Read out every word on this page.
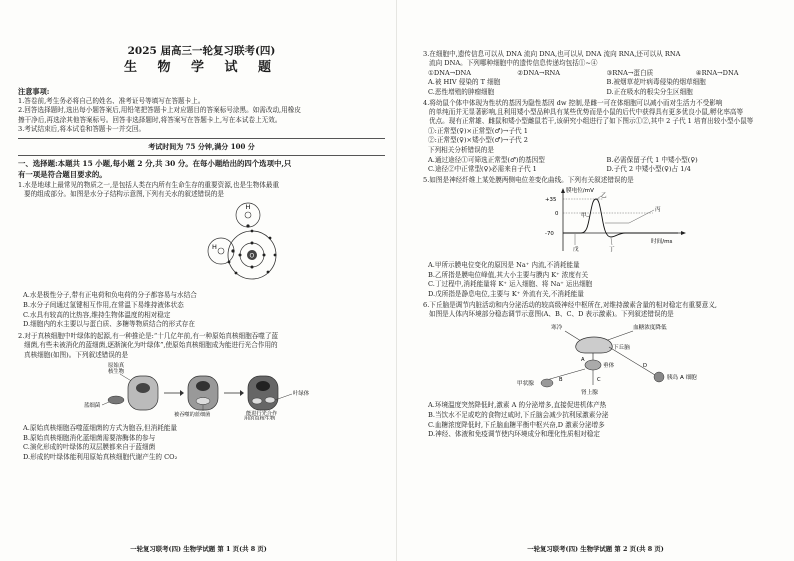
2025 届高三一轮复习联考(四)
生 物 学 试 题
注意事项:
1.答卷前,考生务必将自己的姓名、准考证号等填写在答题卡上。
2.回答选择题时,选出每小题答案后,用铅笔把答题卡上对应题目的答案标号涂黑。如需改动,用橡皮
擦干净后,再选涂其他答案标号。回答非选择题时,将答案写在答题卡上,写在本试卷上无效。
3.考试结束后,将本试卷和答题卡一并交回。
考试时间为 75 分钟,满分 100 分
一、选择题:本题共 15 小题,每小题 2 分,共 30 分。在每小题给出的四个选项中,只
有一项是符合题目要求的。
1.水是地球上最常见的物质之一,是包括人类在内所有生命生存的重要资源,也是生物体最重
要的组成部分。如图是水分子结构示意图,下列有关水的叙述错误的是
H
H
O
A.水是极性分子,带有正电荷和负电荷的分子都容易与水结合
B.水分子间通过氢键相互作用,在常温下易维持液体状态
C.水具有较高的比热容,维持生物体温度的相对稳定
D.细胞内的水主要以与蛋白质、多糖等物质结合的形式存在
2.对于真核细胞中叶绿体的起源,有一种推论是:“十几亿年前,有一种原始真核细胞吞噬了蓝
细菌,有些未被消化的蓝细菌,逐渐演化为叶绿体”,使原始真核细胞成为能进行光合作用的
真核细胞(如图)。下列叙述错误的是
原始真
核生物
蓝细菌
叶绿体
被吞噬的蓝细菌	能进行光合作
用的真核生物
A.原始真核细胞吞噬蓝细菌的方式为胞吞,但消耗能量
B.原始真核细胞消化蓝细菌需要溶酶体的参与
C.演化形成的叶绿体的双层膜都来自于蓝细菌
D.形成的叶绿体能利用原始真核细胞代谢产生的 CO₂
一轮复习联考(四) 生物学试题 第 1 页(共 8 页)
3.在细胞中,遗传信息可以从 DNA 流向 DNA,也可以从 DNA 流向 RNA,还可以从 RNA
流向 DNA。下列哪种细胞中的遗传信息传递均包括①~④
①DNA→DNA	②DNA→RNA	③RNA→蛋白质	④RNA→DNA
A.被 HIV 侵染的 T 细胞	B.被烟草花叶病毒侵染的烟草细胞
C.恶性增殖的肿瘤细胞	D.正在吸水的根尖分生区细胞
4.将幼鼠个体中体现为性状的基因为隐性基因 dw 控制,是雌一可在体细胞可以减小而对生活力不受影响
的单纯而并无显著影响,且利用矮小型品种具有某些优势而是小鼠的后代中获得具有更多优良小鼠,孵化率高等
优点。现有正常雄、雌鼠和矮小型雌鼠若干,该研究小组进行了如下图示①②,其中 2 子代 1 培育出较小型小鼠等
①:正常型(♀)×正常型(♂)→子代 1
②:正常型(♀)×矮小型(♂)→子代 2
下列相关分析错误的是
A.通过途径①可筛选正常型(♂)的基因型	B.必需保留子代 1 中矮小型(♀)
C.途径②中正常型(♀)必需来自子代 1	D.子代 2 中矮小型(♀)占 1/4
5.如图是神经纤维上某处膜两侧电位差变化曲线。下列有关叙述错误的是
膜电位/mV
+35
0
-70
时间/ms
甲
乙
丙
丁
戊
A.甲所示膜电位变化的原因是 Na⁺ 内流,不消耗能量
B.乙所指是膜电位峰值,其大小主要与膜内 K⁺ 浓度有关
C.丁过程中,消耗能量将 K⁺ 运入细胞、将 Na⁺ 运出细胞
D.戊所指是静息电位,主要与 K⁺ 外流有关,不消耗能量
6.下丘脑是调节内脏活动和内分泌活动的较高级神经中枢所在,对维持激素含量的相对稳定有重要意义,
如图是人体内环境部分稳态调节示意图(A、B、C、D 表示激素)。下列叙述错误的是
寒冷	血糖浓度降低
下丘脑
垂体
A
甲状腺
B
肾上腺
C	胰岛 A 细胞
D
A.环境温度突然降低时,激素 A 的分泌增多,直接促进机体产热
B.当饮水不足或吃的食物过咸时,下丘脑会减少抗利尿激素分泌
C.血糖浓度降低时,下丘脑血糖平衡中枢兴奋,D 激素分泌增多
D.神经、体液和免疫调节使内环境成分和理化性质相对稳定
一轮复习联考(四) 生物学试题 第 2 页(共 8 页)
